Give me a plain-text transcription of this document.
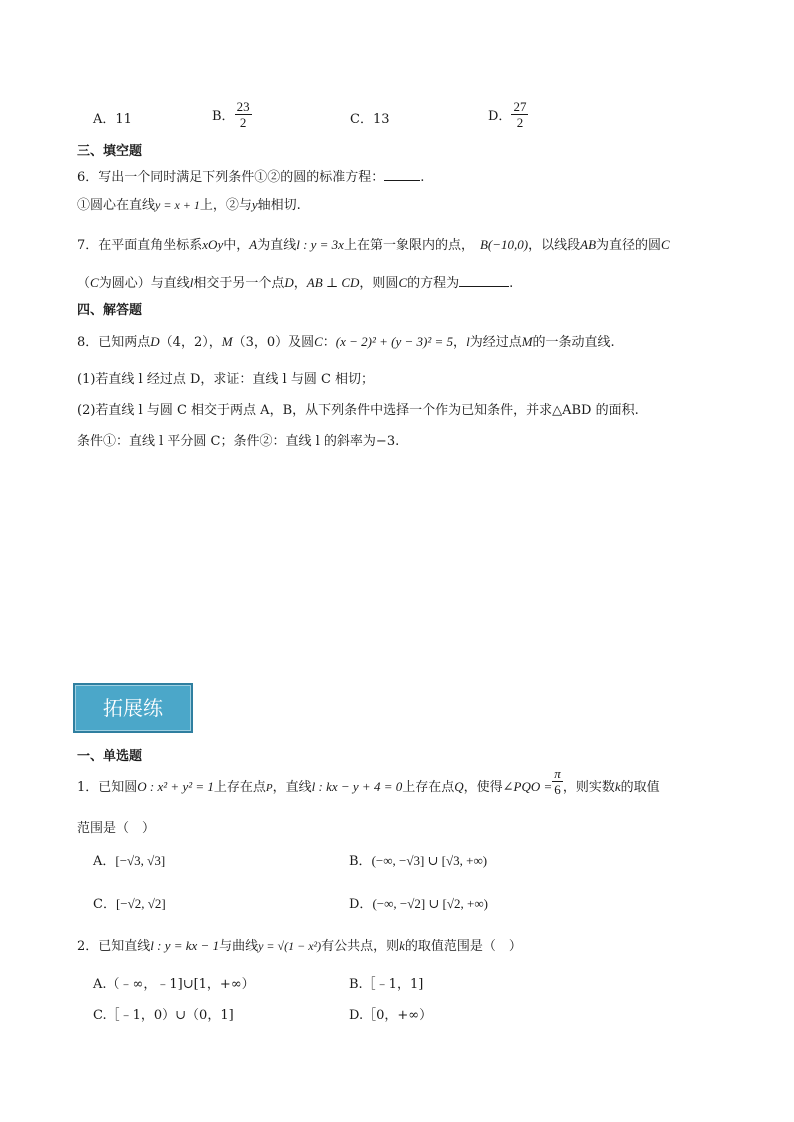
A．11	B． $\frac{23}{2}$	C．13	D． $\frac{27}{2}$
三、填空题
6．写出一个同时满足下列条件①②的圆的标准方程：	.
①圆心在直线y = x + 1上，②与y轴相切.
7．在平面直角坐标系xOy中，A为直线l : y = 3x上在第一象限内的点， B(−10,0)，以线段AB为直径的圆C
（C为圆心）与直线l相交于另一个点D，AB ⊥ CD，则圆C的方程为	.
四、解答题
8．已知两点D（4，2），M（3，0）及圆C：(x − 2)² + (y − 3)² = 5，l为经过点M的一条动直线.
(1)若直线 l 经过点 D，求证：直线 l 与圆 C 相切；
(2)若直线 l 与圆 C 相交于两点 A，B，从下列条件中选择一个作为已知条件，并求△ABD 的面积.
条件①：直线 l 平分圆 C；条件②：直线 l 的斜率为−3.
拓展练
一、单选题
1．已知圆O : x² + y² = 1上存在点P，直线l : kx − y + 4 = 0上存在点Q，使得∠PQO = $\frac{\pi}{6}$ ，则实数k的取值
范围是（　）
A．[−√3, √3]	B．(−∞, −√3] ∪ [√3, +∞)
C．[−√2, √2]	D．(−∞, −√2] ∪ [√2, +∞)
2．已知直线l : y = kx − 1与曲线y = √(1 − x²)有公共点，则k的取值范围是（　）
A.（﹣∞，﹣1]∪[1，+∞）	B.［﹣1，1]
C.［﹣1，0）∪（0，1]	D.［0，+∞）
